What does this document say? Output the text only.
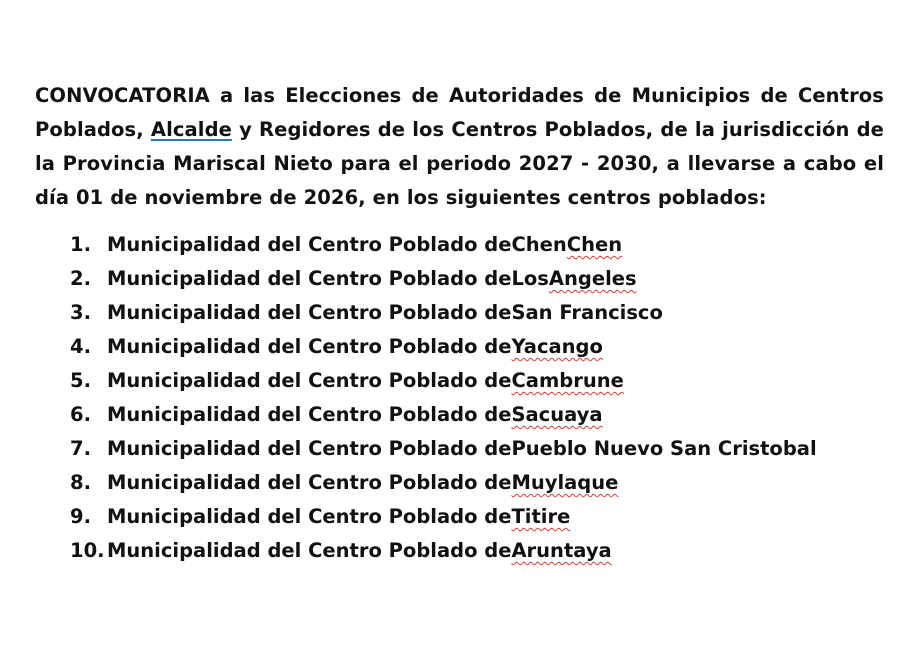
CONVOCATORIA a las Elecciones de Autoridades de Municipios de Centros Poblados, Alcalde y Regidores de los Centros Poblados, de la jurisdicción de la Provincia Mariscal Nieto para el periodo 2027 - 2030, a llevarse a cabo el día 01 de noviembre de 2026, en los siguientes centros poblados:

1. Municipalidad del Centro Poblado de Chen Chen
2. Municipalidad del Centro Poblado de Los Angeles
3. Municipalidad del Centro Poblado de San Francisco
4. Municipalidad del Centro Poblado de Yacango
5. Municipalidad del Centro Poblado de Cambrune
6. Municipalidad del Centro Poblado de Sacuaya
7. Municipalidad del Centro Poblado de Pueblo Nuevo San Cristobal
8. Municipalidad del Centro Poblado de Muylaque
9. Municipalidad del Centro Poblado de Titire
10. Municipalidad del Centro Poblado de Aruntaya
